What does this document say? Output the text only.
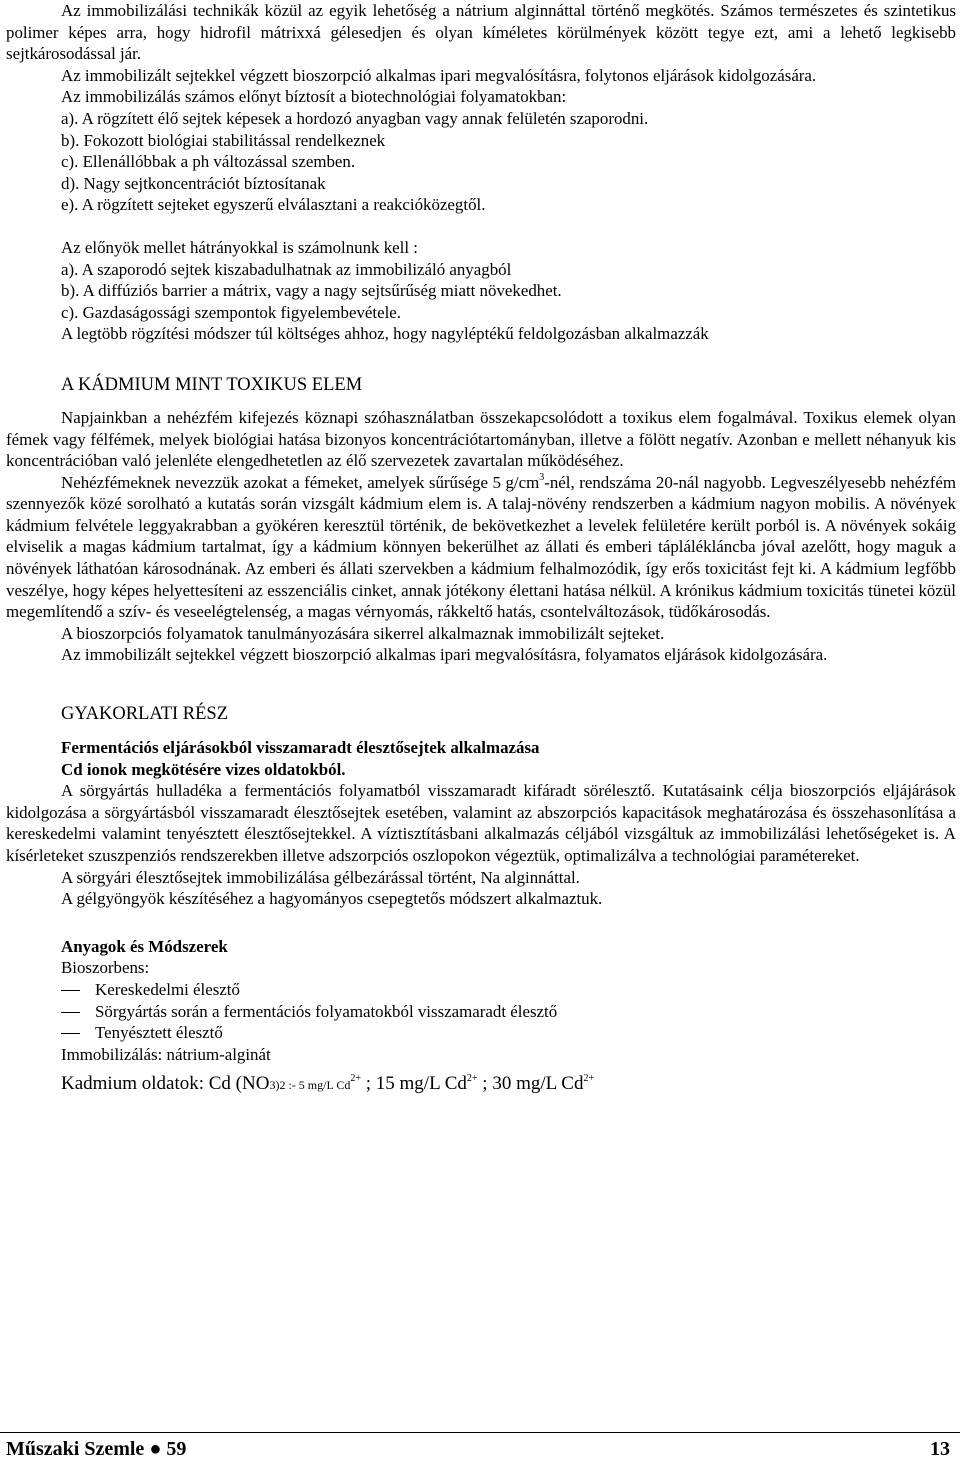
Az immobilizálási technikák közül az egyik lehetőség a nátrium alginnáttal történő megkötés. Számos természetes és szintetikus polimer képes arra, hogy hidrofil mátrixxá gélesedjen és olyan kíméletes körülmények között tegye ezt, ami a lehető legkisebb sejtkárosodással jár.

Az immobilizált sejtekkel végzett bioszorpció alkalmas ipari megvalósításra, folytonos eljárások kidolgozására.

Az immobilizálás számos előnyt bíztosít a biotechnológiai folyamatokban:

a). A rögzített élő sejtek képesek a hordozó anyagban vagy annak felületén szaporodni.

b). Fokozott biológiai stabilitással rendelkeznek

c). Ellenállóbbak a ph változással szemben.

d). Nagy sejtkoncentrációt bíztosítanak

e). A rögzített sejteket egyszerű elválasztani a reakcióközegtől.

Az előnyök mellet hátrányokkal is számolnunk kell :

a). A szaporodó sejtek kiszabadulhatnak az immobilizáló anyagból

b). A diffúziós barrier a mátrix, vagy a nagy sejtsűrűség miatt növekedhet.

c). Gazdaságossági szempontok figyelembevétele.

A legtöbb rögzítési módszer túl költséges ahhoz, hogy nagyléptékű feldolgozásban alkalmazzák

A KÁDMIUM MINT TOXIKUS ELEM

Napjainkban a nehézfém kifejezés köznapi szóhasználatban összekapcsolódott a toxikus elem fogalmával. Toxikus elemek olyan fémek vagy félfémek, melyek biológiai hatása bizonyos koncentrációtartományban, illetve a fölött negatív. Azonban e mellett néhanyuk kis koncentrációban való jelenléte elengedhetetlen az élő szervezetek zavartalan működéséhez.

Nehézfémeknek nevezzük azokat a fémeket, amelyek sűrűsége 5 $g/cm^3$-nél, rendszáma 20-nál nagyobb. Legveszélyesebb nehézfém szennyezők közé sorolható a kutatás során vizsgált kádmium elem is. A talaj-növény rendszerben a kádmium nagyon mobilis. A növények kádmium felvétele leggyakrabban a gyökéren keresztül történik, de bekövetkezhet a levelek felületére került porból is. A növények sokáig elviselik a magas kádmium tartalmat, így a kádmium könnyen bekerülhet az állati és emberi táplálékláncba jóval azelőtt, hogy maguk a növények láthatóan károsodnának. Az emberi és állati szervekben a kádmium felhalmozódik, így erős toxicitást fejt ki. A kádmium legfőbb veszélye, hogy képes helyettesíteni az esszenciális cinket, annak jótékony élettani hatása nélkül. A krónikus kádmium toxicitás tünetei közül megemlítendő a szív- és veseelégtelenség, a magas vérnyomás, rákkeltő hatás, csontelváltozások, tüdőkárosodás.

A bioszorpciós folyamatok tanulmányozására sikerrel alkalmaznak immobilizált sejteket.

Az immobilizált sejtekkel végzett bioszorpció alkalmas ipari megvalósításra, folyamatos eljárások kidolgozására.

GYAKORLATI RÉSZ

Fermentációs eljárásokból visszamaradt élesztősejtek alkalmazása

Cd ionok megkötésére vizes oldatokból.

A sörgyártás hulladéka a fermentációs folyamatból visszamaradt kifáradt sörélesztő. Kutatásaink célja bioszorpciós eljájárások kidolgozása a sörgyártásból visszamaradt élesztősejtek esetében, valamint az abszorpciós kapacitások meghatározása és összehasonlítása a kereskedelmi valamint tenyésztett élesztősejtekkel. A víztisztításbani alkalmazás céljából vizsgáltuk az immobilizálási lehetőségeket is. A kísérleteket szuszpenziós rendszerekben illetve adszorpciós oszlopokon végeztük, optimalizálva a technológiai paramétereket.

A sörgyári élesztősejtek immobilizálása gélbezárással történt, Na alginnáttal.

A gélgyöngyök készítéséhez a hagyományos csepegtetős módszert alkalmaztuk.

Anyagok és Módszerek

Bioszorbens:

Kereskedelmi élesztő

Sörgyártás során a fermentációs folyamatokból visszamaradt élesztő

Tenyésztett élesztő

Immobilizálás: nátrium-alginát

Kadmium oldatok: Cd (NO3)2 :- 5 mg/L $Cd^{2+}$ ; 15 mg/L $Cd^{2+}$ ; 30 mg/L $Cd^{2+}$

Műszaki Szemle ● 59	13
